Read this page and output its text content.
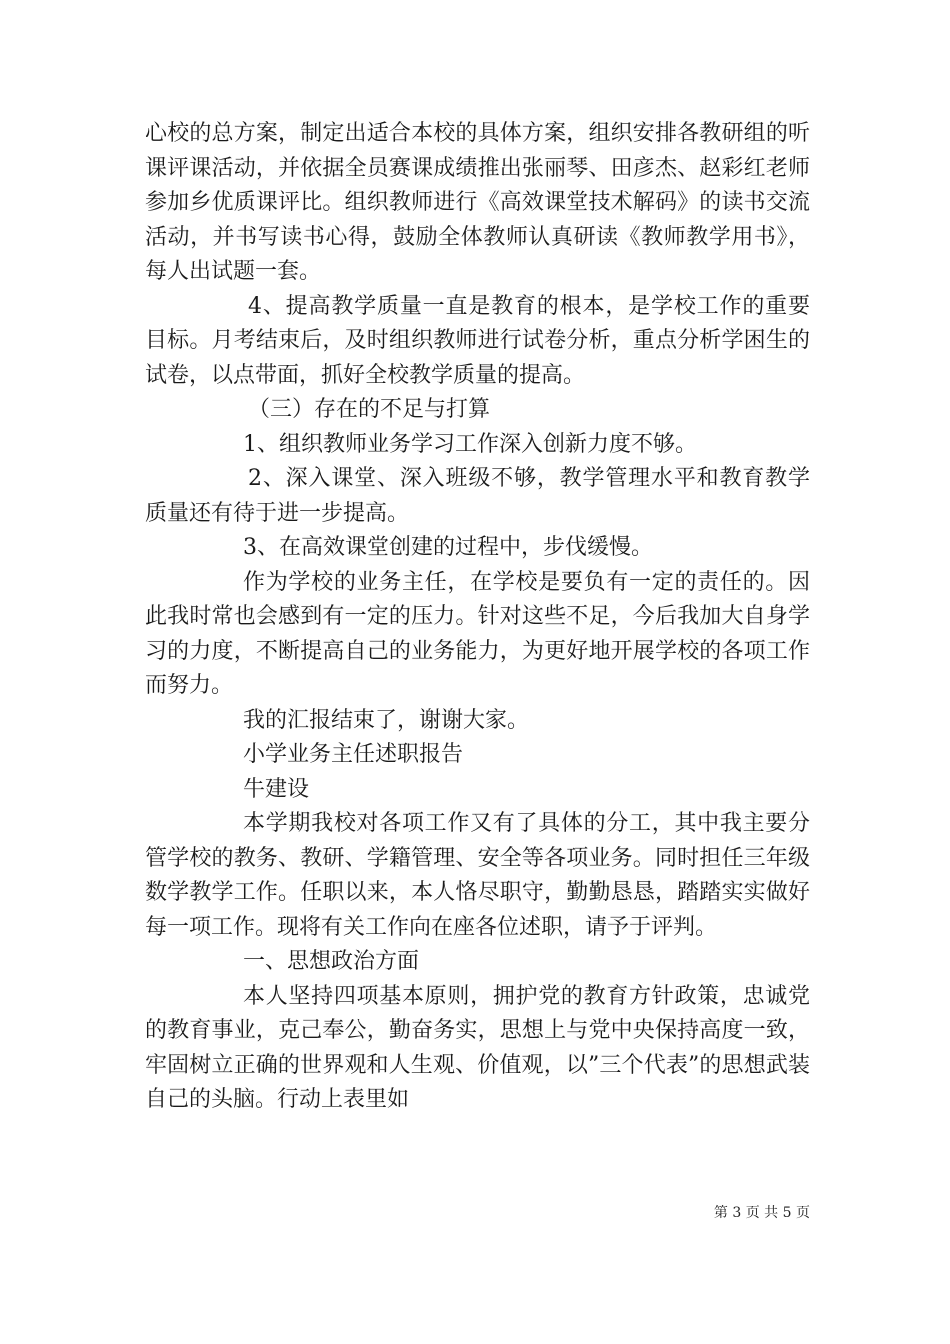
心校的总方案，制定出适合本校的具体方案，组织安排各教研组的听课评课活动，并依据全员赛课成绩推出张丽琴、田彦杰、赵彩红老师参加乡优质课评比。组织教师进行《高效课堂技术解码》的读书交流活动，并书写读书心得，鼓励全体教师认真研读《教师教学用书》，每人出试题一套。

4、提高教学质量一直是教育的根本，是学校工作的重要目标。月考结束后，及时组织教师进行试卷分析，重点分析学困生的试卷，以点带面，抓好全校教学质量的提高。

（三）存在的不足与打算

1、组织教师业务学习工作深入创新力度不够。

2、深入课堂、深入班级不够，教学管理水平和教育教学质量还有待于进一步提高。

3、在高效课堂创建的过程中，步伐缓慢。

作为学校的业务主任，在学校是要负有一定的责任的。因此我时常也会感到有一定的压力。针对这些不足，今后我加大自身学习的力度，不断提高自己的业务能力，为更好地开展学校的各项工作而努力。

我的汇报结束了，谢谢大家。

小学业务主任述职报告

牛建设

本学期我校对各项工作又有了具体的分工，其中我主要分管学校的教务、教研、学籍管理、安全等各项业务。同时担任三年级数学教学工作。任职以来，本人恪尽职守，勤勤恳恳，踏踏实实做好每一项工作。现将有关工作向在座各位述职，请予于评判。

一、思想政治方面

本人坚持四项基本原则，拥护党的教育方针政策，忠诚党的教育事业，克己奉公，勤奋务实，思想上与党中央保持高度一致，牢固树立正确的世界观和人生观、价值观，以”三个代表”的思想武装自己的头脑。行动上表里如

第 3 页 共 5 页
